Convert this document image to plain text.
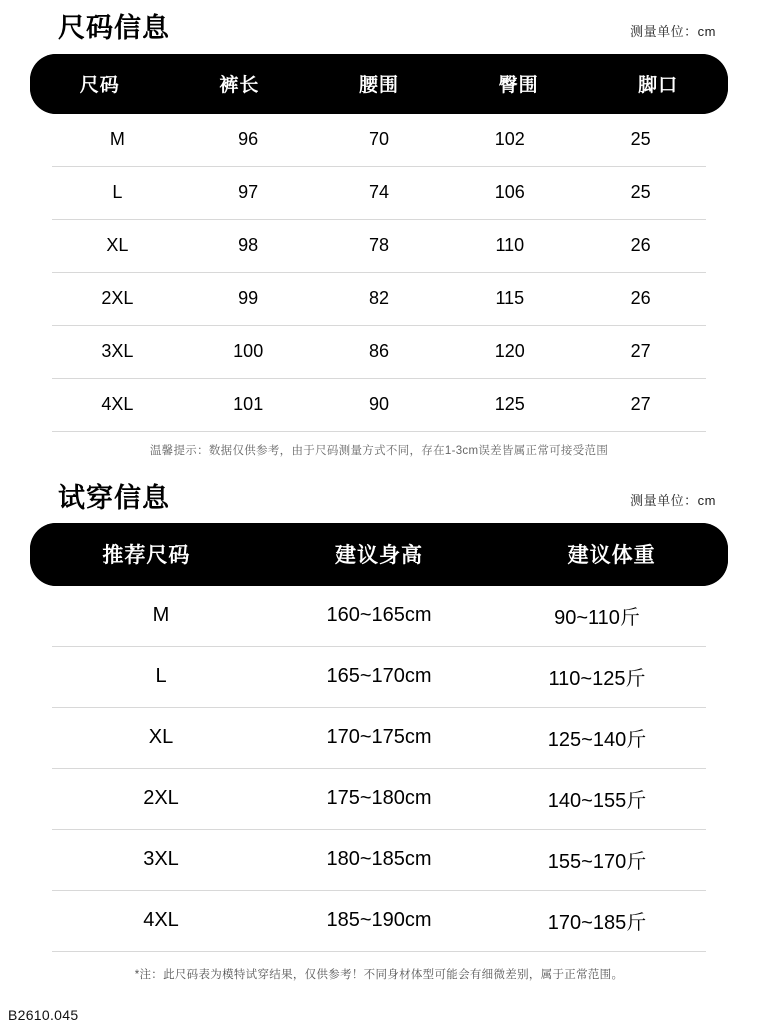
尺码信息	测量单位：cm
尺码	裤长	腰围	臀围	脚口
M	96	70	102	25
L	97	74	106	25
XL	98	78	110	26
2XL	99	82	115	26
3XL	100	86	120	27
4XL	101	90	125	27
温馨提示：数据仅供参考，由于尺码测量方式不同，存在1-3cm误差皆属正常可接受范围
试穿信息	测量单位：cm
推荐尺码	建议身高	建议体重
M	160~165cm	90~110斤
L	165~170cm	110~125斤
XL	170~175cm	125~140斤
2XL	175~180cm	140~155斤
3XL	180~185cm	155~170斤
4XL	185~190cm	170~185斤
*注：此尺码表为模特试穿结果，仅供参考！不同身材体型可能会有细微差别，属于正常范围。
B2610.045
